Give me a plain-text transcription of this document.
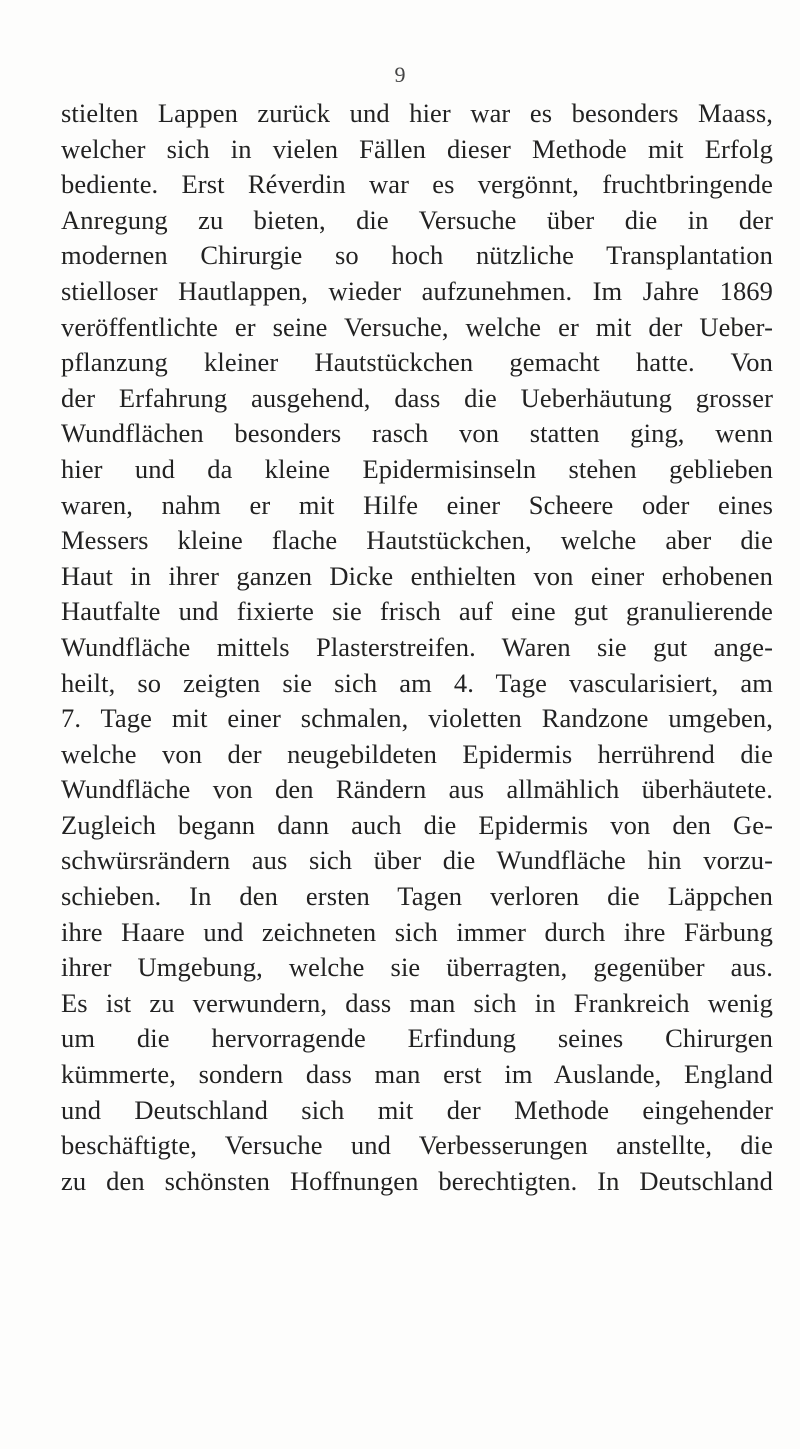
9
stielten Lappen zurück und hier war es besonders Maass,
welcher sich in vielen Fällen dieser Methode mit Erfolg
bediente. Erst Réverdin war es vergönnt, fruchtbringende
Anregung zu bieten, die Versuche über die in der
modernen Chirurgie so hoch nützliche Transplantation
stielloser Hautlappen, wieder aufzunehmen. Im Jahre 1869
veröffentlichte er seine Versuche, welche er mit der Ueber-
pflanzung kleiner Hautstückchen gemacht hatte. Von
der Erfahrung ausgehend, dass die Ueberhäutung grosser
Wundflächen besonders rasch von statten ging, wenn
hier und da kleine Epidermisinseln stehen geblieben
waren, nahm er mit Hilfe einer Scheere oder eines
Messers kleine flache Hautstückchen, welche aber die
Haut in ihrer ganzen Dicke enthielten von einer erhobenen
Hautfalte und fixierte sie frisch auf eine gut granulierende
Wundfläche mittels Plasterstreifen. Waren sie gut ange-
heilt, so zeigten sie sich am 4. Tage vascularisiert, am
7. Tage mit einer schmalen, violetten Randzone umgeben,
welche von der neugebildeten Epidermis herrührend die
Wundfläche von den Rändern aus allmählich überhäutete.
Zugleich begann dann auch die Epidermis von den Ge-
schwürsrändern aus sich über die Wundfläche hin vorzu-
schieben. In den ersten Tagen verloren die Läppchen
ihre Haare und zeichneten sich immer durch ihre Färbung
ihrer Umgebung, welche sie überragten, gegenüber aus.
Es ist zu verwundern, dass man sich in Frankreich wenig
um die hervorragende Erfindung seines Chirurgen
kümmerte, sondern dass man erst im Auslande, England
und Deutschland sich mit der Methode eingehender
beschäftigte, Versuche und Verbesserungen anstellte, die
zu den schönsten Hoffnungen berechtigten. In Deutschland
